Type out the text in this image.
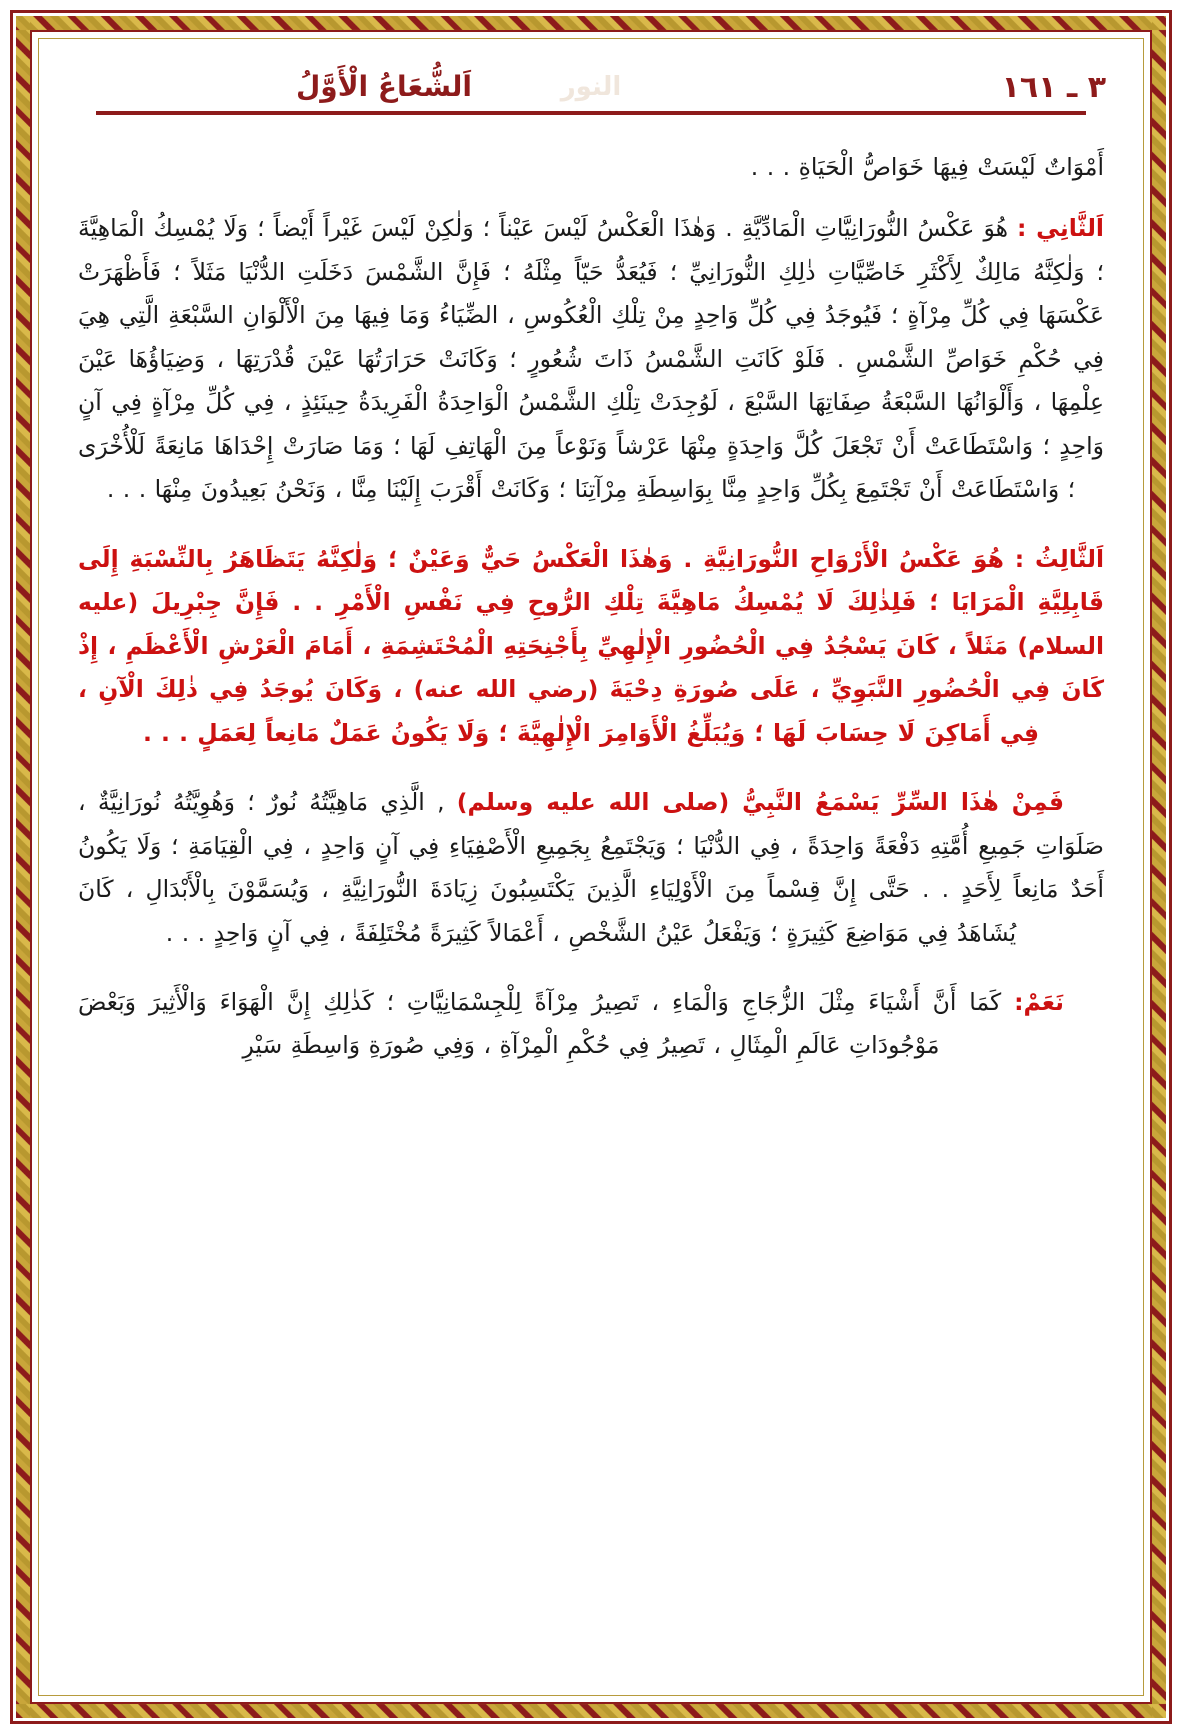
النور	٣ ـ ١٦١
اَلشُّعَاعُ الْأَوَّلُ

أَمْوَاتٌ لَيْسَتْ فِيهَا خَوَاصُّ الْحَيَاةِ . . .

اَلثَّانِي : هُوَ عَكْسُ النُّورَانِيَّاتِ الْمَادِّيَّةِ . وَهٰذَا الْعَكْسُ لَيْسَ عَيْناً ؛ وَلٰكِنْ لَيْسَ غَيْراً أَيْضاً ؛ وَلَا يُمْسِكُ الْمَاهِيَّةَ ؛ وَلٰكِنَّهُ مَالِكٌ لِأَكْثَرِ خَاصِّيَّاتِ ذٰلِكِ النُّورَانِيِّ ؛ فَيُعَدُّ حَيّاً مِثْلَهُ ؛ فَإِنَّ الشَّمْسَ دَخَلَتِ الدُّنْيَا مَثَلاً ؛ فَأَظْهَرَتْ عَكْسَهَا فِي كُلِّ مِرْآةٍ ؛ فَيُوجَدُ فِي كُلِّ وَاحِدٍ مِنْ تِلْكِ الْعُكُوسِ ، الضِّيَاءُ وَمَا فِيهَا مِنَ الْأَلْوَانِ السَّبْعَةِ الَّتِي هِيَ فِي حُكْمِ خَوَاصِّ الشَّمْسِ . فَلَوْ كَانَتِ الشَّمْسُ ذَاتَ شُعُورٍ ؛ وَكَانَتْ حَرَارَتُهَا عَيْنَ قُدْرَتِهَا ، وَضِيَاؤُهَا عَيْنَ عِلْمِهَا ، وَأَلْوَانُهَا السَّبْعَةُ صِفَاتِهَا السَّبْعَ ، لَوُجِدَتْ تِلْكِ الشَّمْسُ الْوَاحِدَةُ الْفَرِيدَةُ حِينَئِذٍ ، فِي كُلِّ مِرْآةٍ فِي آنٍ وَاحِدٍ ؛ وَاسْتَطَاعَتْ أَنْ تَجْعَلَ كُلَّ وَاحِدَةٍ مِنْهَا عَرْشاً وَنَوْعاً مِنَ الْهَاتِفِ لَهَا ؛ وَمَا صَارَتْ إِحْدَاهَا مَانِعَةً لَلْأُخْرَى ؛ وَاسْتَطَاعَتْ أَنْ تَجْتَمِعَ بِكُلِّ وَاحِدٍ مِنَّا بِوَاسِطَةِ مِرْآتِنَا ؛ وَكَانَتْ أَقْرَبَ إِلَيْنَا مِنَّا ، وَنَحْنُ بَعِيدُونَ مِنْهَا . . .

اَلثَّالِثُ : هُوَ عَكْسُ الْأَرْوَاحِ النُّورَانِيَّةِ . وَهٰذَا الْعَكْسُ حَيٌّ وَعَيْنٌ ؛ وَلٰكِنَّهُ يَتَظَاهَرُ بِالنِّسْبَةِ إِلَى قَابِلِيَّةِ الْمَرَايَا ؛ فَلِذٰلِكَ لَا يُمْسِكُ مَاهِيَّةَ تِلْكِ الرُّوحِ فِي نَفْسِ الْأَمْرِ . . فَإِنَّ جِبْرِيلَ (عليه السلام) مَثَلاً ، كَانَ يَسْجُدُ فِي الْحُضُورِ الْإِلٰهِيِّ بِأَجْنِحَتِهِ الْمُحْتَشِمَةِ ، أَمَامَ الْعَرْشِ الْأَعْظَمِ ، إِذْ كَانَ فِي الْحُضُورِ النَّبَوِيِّ ، عَلَى صُورَةِ دِحْيَةَ (رضي الله عنه) ، وَكَانَ يُوجَدُ فِي ذٰلِكَ الْآنِ ، فِي أَمَاكِنَ لَا حِسَابَ لَهَا ؛ وَيُبَلِّغُ الْأَوَامِرَ الْإِلٰهِيَّةَ ؛ وَلَا يَكُونُ عَمَلٌ مَانِعاً لِعَمَلٍ . . .

فَمِنْ هٰذَا السِّرِّ يَسْمَعُ النَّبِيُّ (صلى الله عليه وسلم) , الَّذِي مَاهِيَّتُهُ نُورٌ ؛ وَهُوِيَّتُهُ نُورَانِيَّةٌ ، صَلَوَاتِ جَمِيعِ أُمَّتِهِ دَفْعَةً وَاحِدَةً ، فِي الدُّنْيَا ؛ وَيَجْتَمِعُ بِجَمِيعِ الْأَصْفِيَاءِ فِي آنٍ وَاحِدٍ ، فِي الْقِيَامَةِ ؛ وَلَا يَكُونُ أَحَدٌ مَانِعاً لِأَحَدٍ . . حَتَّى إِنَّ قِسْماً مِنَ الْأَوْلِيَاءِ الَّذِينَ يَكْتَسِبُونَ زِيَادَةَ النُّورَانِيَّةِ ، وَيُسَمَّوْنَ بِالْأَبْدَالِ ، كَانَ يُشَاهَدُ فِي مَوَاضِعَ كَثِيرَةٍ ؛ وَيَفْعَلُ عَيْنُ الشَّخْصِ ، أَعْمَالاً كَثِيرَةً مُخْتَلِفَةً ، فِي آنٍ وَاحِدٍ . . .

نَعَمْ: كَمَا أَنَّ أَشْيَاءَ مِثْلَ الزُّجَاجِ وَالْمَاءِ ، تَصِيرُ مِرْآةً لِلْجِسْمَانِيَّاتِ ؛ كَذٰلِكِ إِنَّ الْهَوَاءَ وَالْأَثِيرَ وَبَعْضَ مَوْجُودَاتِ عَالَمِ الْمِثَالِ ، تَصِيرُ فِي حُكْمِ الْمِرْآةِ ، وَفِي صُورَةِ وَاسِطَةِ سَيْرِ
